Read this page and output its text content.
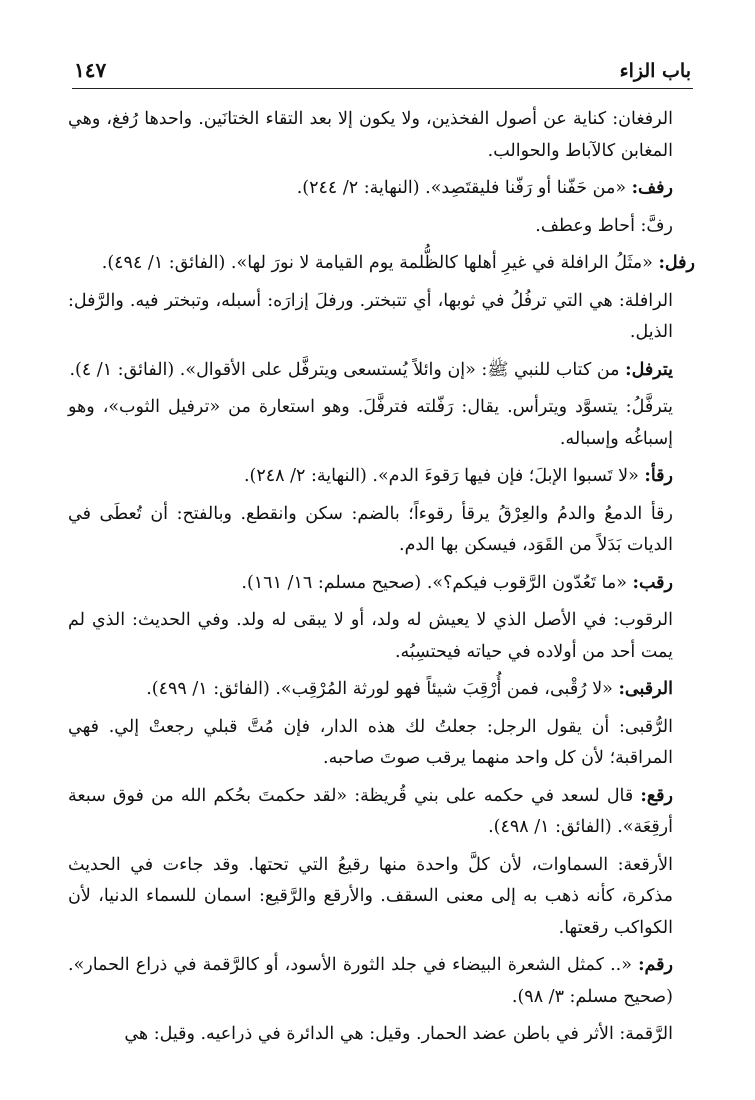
باب الزاء
١٤٧

الرفغان: كناية عن أصول الفخذين، ولا يكون إلا بعد التقاء الختانَين. واحدها رُفغ، وهي المغابن كالآباط والحوالب.

رفف: «من حَفّنا أو رَفّنا فليقتَصِد». (النهاية: ٢/ ٢٤٤).

رفَّ: أحاط وعطف.

رفل: «مثَلُ الرافلة في غيرِ أهلها كالظُّلمة يوم القيامة لا نورَ لها». (الفائق: ١/ ٤٩٤).

الرافلة: هي التي ترفُلُ في ثوبها، أي تتبختر. ورفلَ إزارَه: أسبله، وتبختر فيه. والرَّفل: الذيل.

يترفل: من كتاب للنبي ﷺ: «إن وائلاً يُستسعى ويترفَّل على الأقوال». (الفائق: ١/ ٤).

يترفَّلُ: يتسوَّد ويترأس. يقال: رَفّلته فترفَّلَ. وهو استعارة من «ترفيل الثوب»، وهو إسباغُه وإسباله.

رقأ: «لا تَسبوا الإبلَ؛ فإن فيها رَقوءَ الدم». (النهاية: ٢/ ٢٤٨).

رقأ الدمعُ والدمُ والعِرْقُ يرقأ رقوءاً؛ بالضم: سكن وانقطع. وبالفتح: أن تُعطَى في الديات بَدَلاً من القَوَد، فيسكن بها الدم.

رقب: «ما تَعُدّون الرَّقوب فيكم؟». (صحيح مسلم: ١٦/ ١٦١).

الرقوب: في الأصل الذي لا يعيش له ولد، أو لا يبقى له ولد. وفي الحديث: الذي لم يمت أحد من أولاده في حياته فيحتسِبُه.

الرقبى: «لا رُقْبى، فمن أُرْقِبَ شيئاً فهو لورثة المُرْقِب». (الفائق: ١/ ٤٩٩).

الرُّقبى: أن يقول الرجل: جعلتُ لك هذه الدار، فإن مُتَّ قبلي رجعتْ إلي. فهي المراقبة؛ لأن كل واحد منهما يرقب صوتَ صاحبه.

رقع: قال لسعد في حكمه على بني قُريظة: «لقد حكمتَ بحُكم الله من فوق سبعة أرقِعَة». (الفائق: ١/ ٤٩٨).

الأرقعة: السماوات، لأن كلَّ واحدة منها رقيعُ التي تحتها. وقد جاءت في الحديث مذكرة، كأنه ذهب به إلى معنى السقف. والأرقع والرَّقيع: اسمان للسماء الدنيا، لأن الكواكب رقعتها.

رقم: «.. كمثل الشعرة البيضاء في جلد الثورة الأسود، أو كالرَّقمة في ذراع الحمار». (صحيح مسلم: ٣/ ٩٨).

الرَّقمة: الأثر في باطن عضد الحمار. وقيل: هي الدائرة في ذراعيه. وقيل: هي
